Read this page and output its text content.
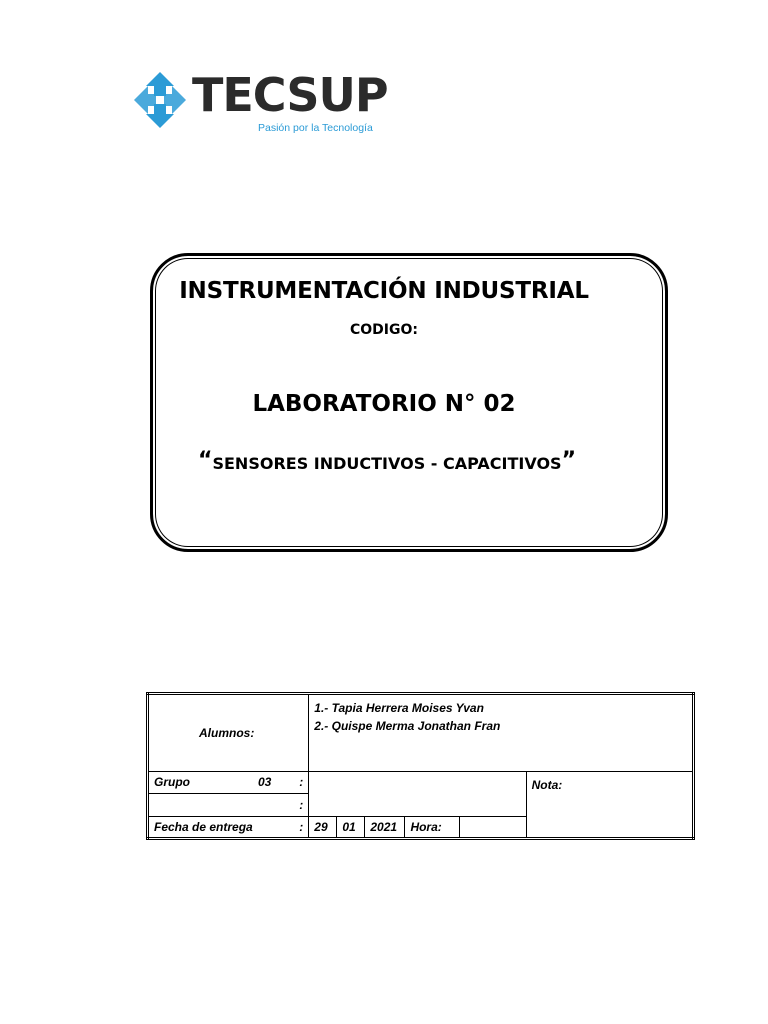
TECSUP
Pasión por la Tecnología
INSTRUMENTACIÓN INDUSTRIAL
CODIGO:
LABORATORIO N° 02
“SENSORES INDUCTIVOS - CAPACITIVOS”
Alumnos:	1.- Tapia Herrera Moises Yvan
2.- Quispe Merma Jonathan Fran					

Grupo 03 :						Nota:
:						

Fecha de entrega :	29	01	2021	Hora:		
